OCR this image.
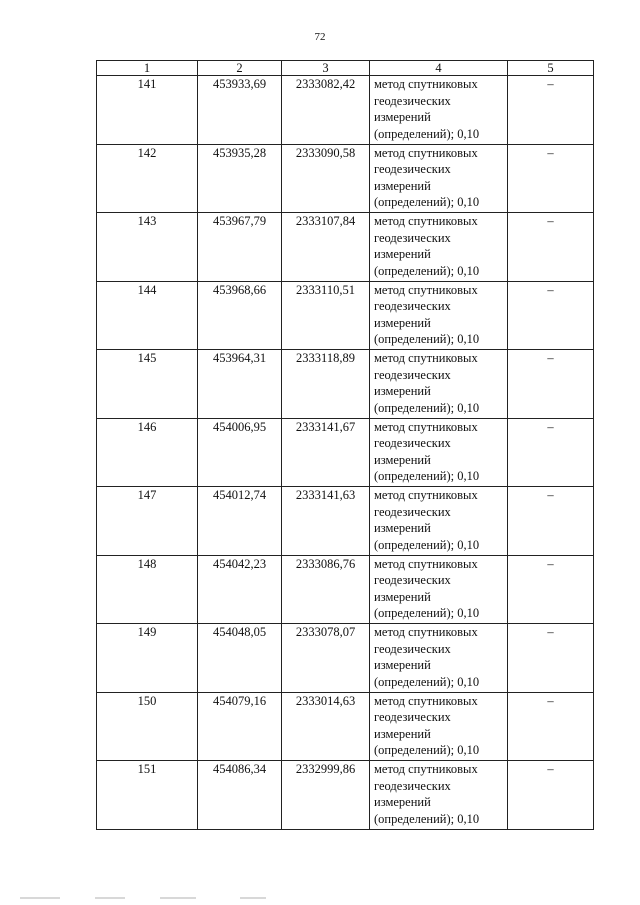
72
1	2	3	4	5
141	453933,69	2333082,42	метод спутниковых геодезических измерений (определений); 0,10	–
142	453935,28	2333090,58	метод спутниковых геодезических измерений (определений); 0,10	–
143	453967,79	2333107,84	метод спутниковых геодезических измерений (определений); 0,10	–
144	453968,66	2333110,51	метод спутниковых геодезических измерений (определений); 0,10	–
145	453964,31	2333118,89	метод спутниковых геодезических измерений (определений); 0,10	–
146	454006,95	2333141,67	метод спутниковых геодезических измерений (определений); 0,10	–
147	454012,74	2333141,63	метод спутниковых геодезических измерений (определений); 0,10	–
148	454042,23	2333086,76	метод спутниковых геодезических измерений (определений); 0,10	–
149	454048,05	2333078,07	метод спутниковых геодезических измерений (определений); 0,10	–
150	454079,16	2333014,63	метод спутниковых геодезических измерений (определений); 0,10	–
151	454086,34	2332999,86	метод спутниковых геодезических измерений (определений); 0,10	–
